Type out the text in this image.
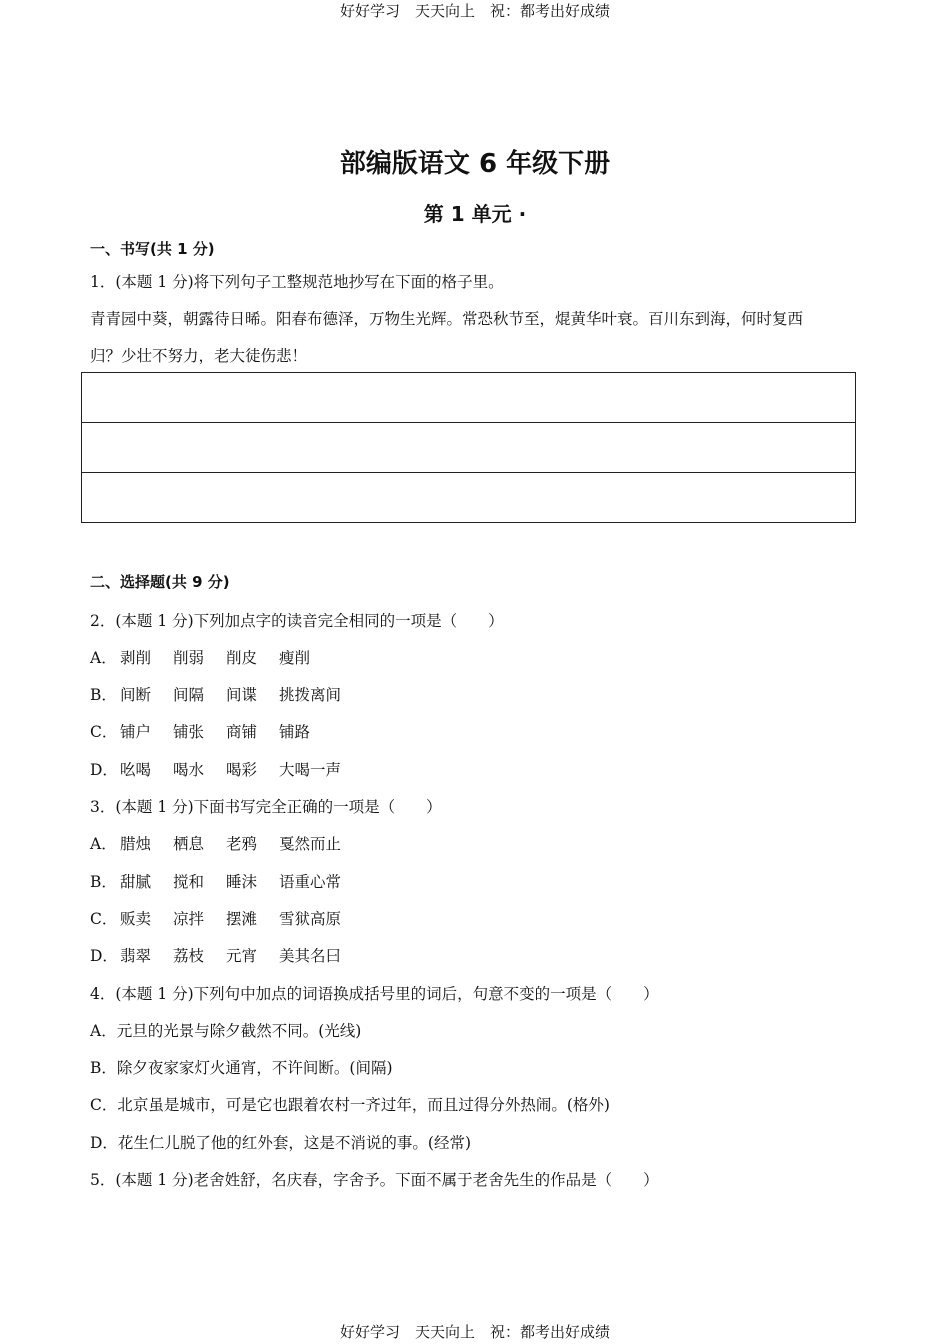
好好学习　天天向上　祝：都考出好成绩
部编版语文 6 年级下册
第 1 单元 ·
一、书写(共 1 分)
1．(本题 1 分)将下列句子工整规范地抄写在下面的格子里。
青青园中葵，朝露待日晞。阳春布德泽，万物生光辉。常恐秋节至，焜黄华叶衰。百川东到海，何时复西
归？少壮不努力，老大徒伤悲！
二、选择题(共 9 分)
2．(本题 1 分)下列加点字的读音完全相同的一项是（　　）
A． 剥削 削弱 削皮 瘦削
B． 间断 间隔 间谍 挑拨离间
C． 铺户 铺张 商铺 铺路
D． 吆喝 喝水 喝彩 大喝一声
3．(本题 1 分)下面书写完全正确的一项是（　　）
A． 腊烛 栖息 老鸦 戛然而止
B． 甜腻 搅和 睡沫 语重心常
C． 贩卖 凉拌 摆滩 雪狱高原
D． 翡翠 荔枝 元宵 美其名曰
4．(本题 1 分)下列句中加点的词语换成括号里的词后，句意不变的一项是（　　）
A．元旦的光景与除夕截然不同。(光线)
B．除夕夜家家灯火通宵，不许间断。(间隔)
C．北京虽是城市，可是它也跟着农村一齐过年，而且过得分外热闹。(格外)
D．花生仁儿脱了他的红外套，这是不消说的事。(经常)
5．(本题 1 分)老舍姓舒，名庆春，字舍予。下面不属于老舍先生的作品是（　　）
好好学习　天天向上　祝：都考出好成绩
